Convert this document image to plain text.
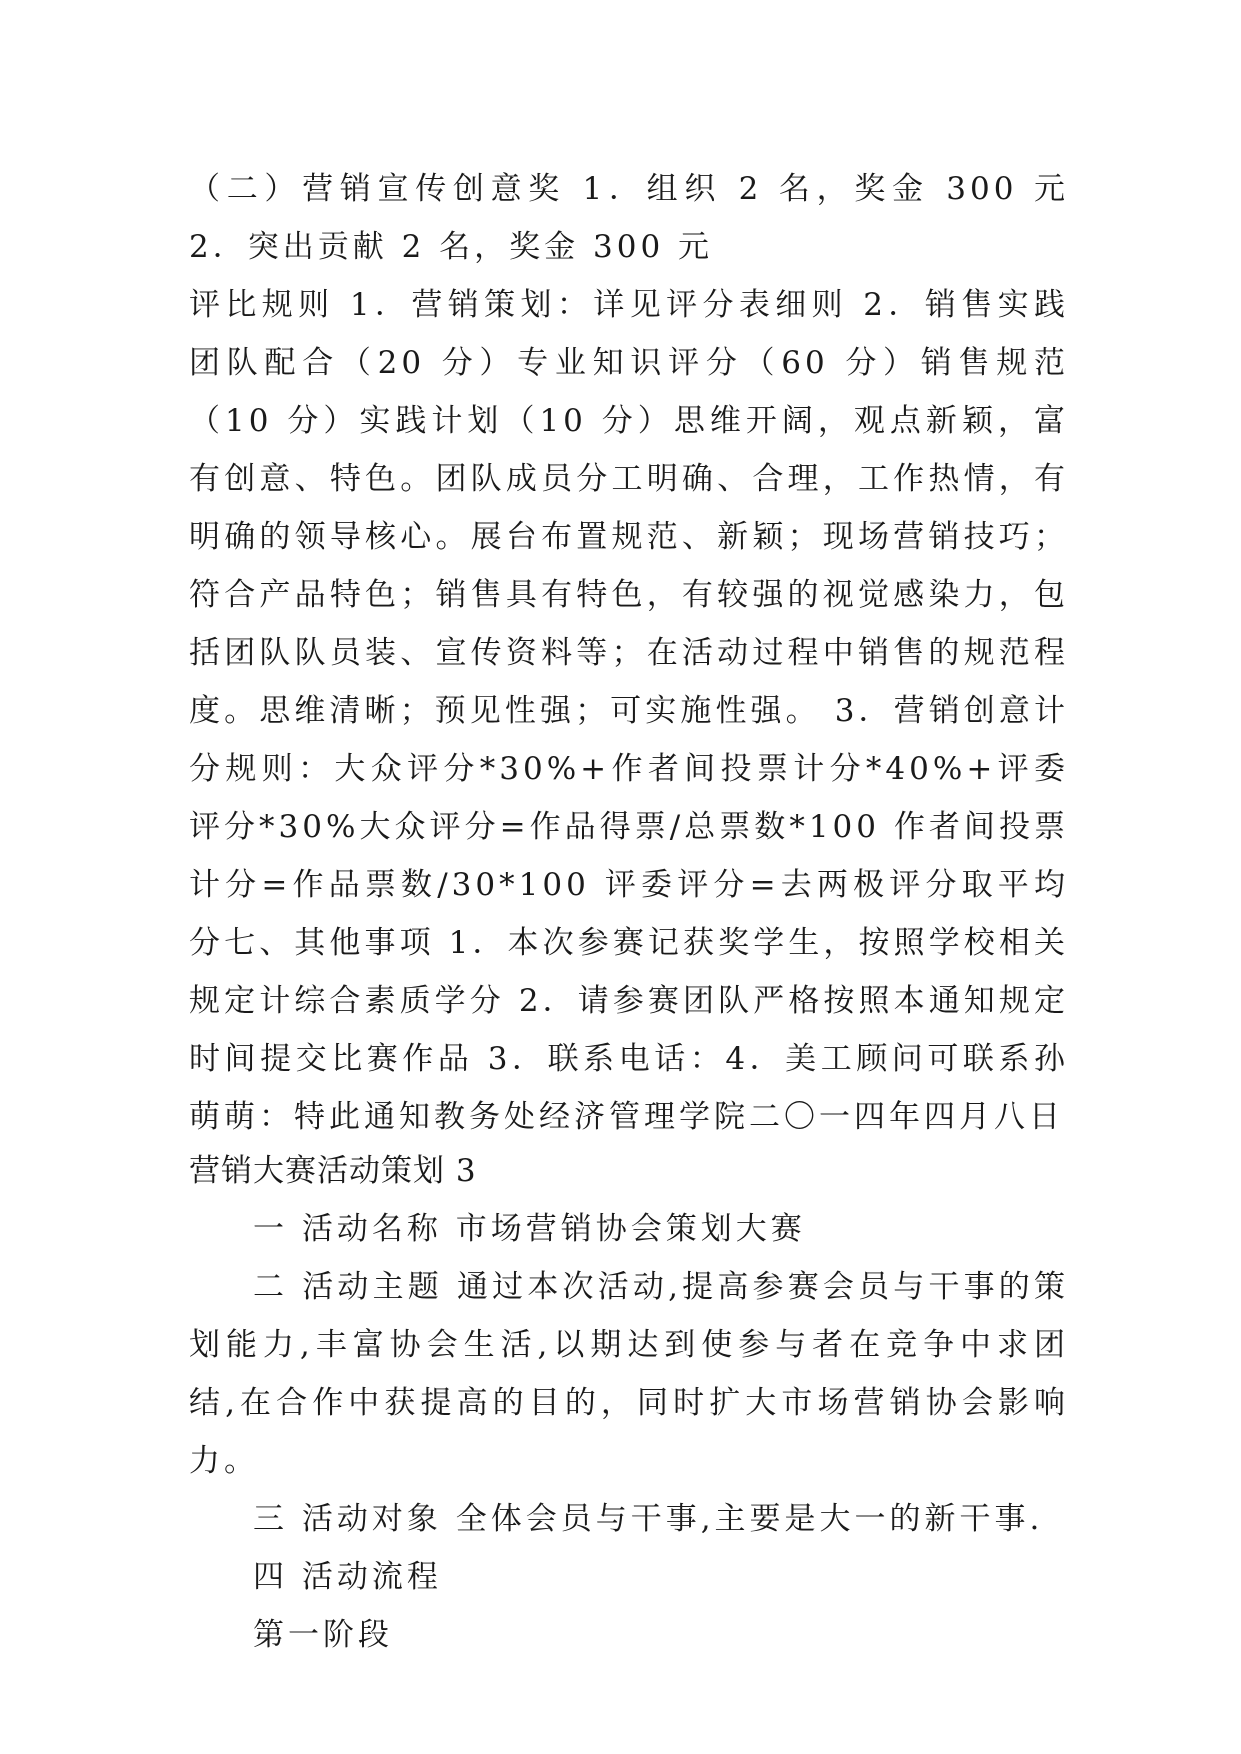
（二）营销宣传创意奖 1．组织 2 名，奖金 300 元 2．突出贡献 2 名，奖金 300 元

评比规则 1．营销策划：详见评分表细则 2．销售实践团队配合（20 分）专业知识评分（60 分）销售规范（10 分）实践计划（10 分）思维开阔，观点新颖，富有创意、特色。团队成员分工明确、合理，工作热情，有明确的领导核心。展台布置规范、新颖；现场营销技巧；符合产品特色；销售具有特色，有较强的视觉感染力，包括团队队员装、宣传资料等；在活动过程中销售的规范程度。思维清晰；预见性强；可实施性强。 3．营销创意计分规则：大众评分*30%+作者间投票计分*40%+评委评分*30%大众评分=作品得票/总票数*100 作者间投票计分=作品票数/30*100 评委评分=去两极评分取平均分七、其他事项 1．本次参赛记获奖学生，按照学校相关规定计综合素质学分 2．请参赛团队严格按照本通知规定时间提交比赛作品 3．联系电话：4．美工顾问可联系孙萌萌：特此通知教务处经济管理学院二〇一四年四月八日

营销大赛活动策划 3

一 活动名称 市场营销协会策划大赛

二 活动主题 通过本次活动,提高参赛会员与干事的策划能力,丰富协会生活,以期达到使参与者在竞争中求团结,在合作中获提高的目的，同时扩大市场营销协会影响力。

三 活动对象 全体会员与干事,主要是大一的新干事.

四 活动流程

第一阶段
